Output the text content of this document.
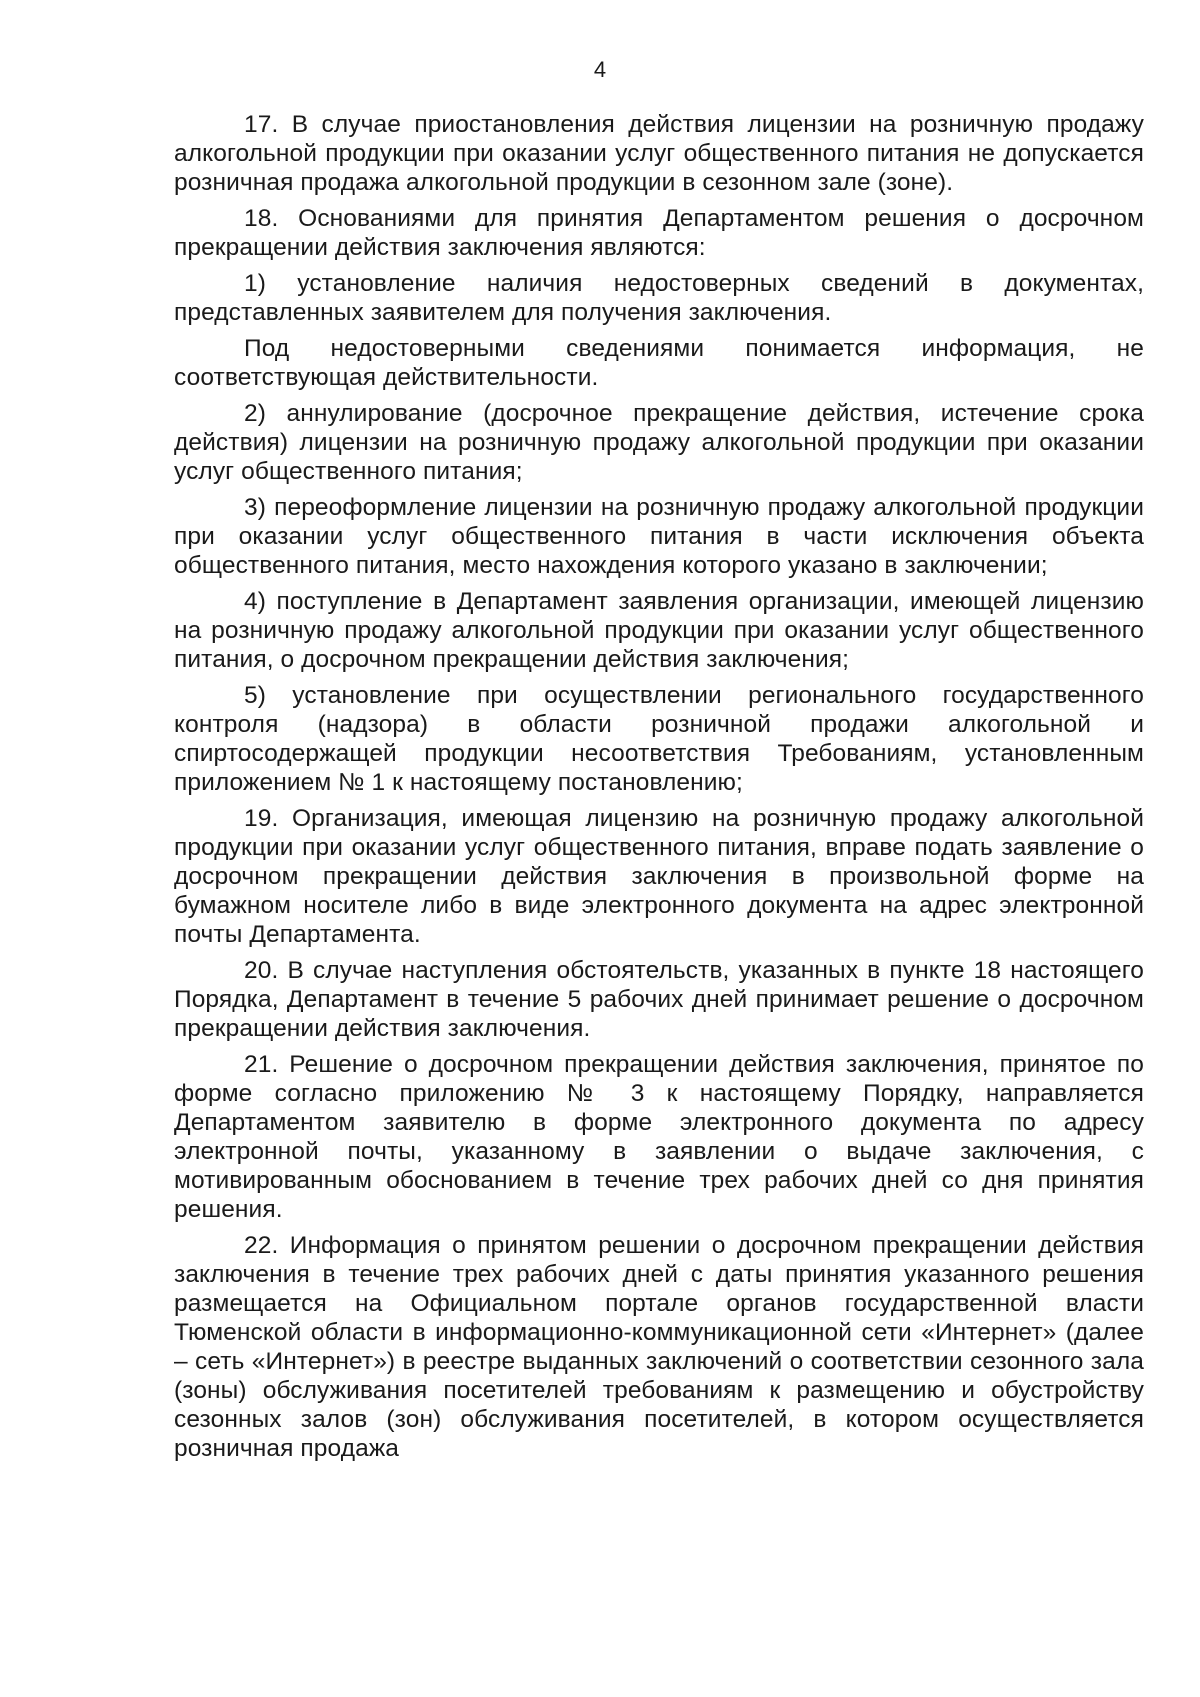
4

17. В случае приостановления действия лицензии на розничную продажу алкогольной продукции при оказании услуг общественного питания не допускается розничная продажа алкогольной продукции в сезонном зале (зоне).

18. Основаниями для принятия Департаментом решения о досрочном прекращении действия заключения являются:

1) установление наличия недостоверных сведений в документах, представленных заявителем для получения заключения.

Под недостоверными сведениями понимается информация, не соответствующая действительности.

2) аннулирование (досрочное прекращение действия, истечение срока действия) лицензии на розничную продажу алкогольной продукции при оказании услуг общественного питания;

3) переоформление лицензии на розничную продажу алкогольной продукции при оказании услуг общественного питания в части исключения объекта общественного питания, место нахождения которого указано в заключении;

4) поступление в Департамент заявления организации, имеющей лицензию на розничную продажу алкогольной продукции при оказании услуг общественного питания, о досрочном прекращении действия заключения;

5) установление при осуществлении регионального государственного контроля (надзора) в области розничной продажи алкогольной и спиртосодержащей продукции несоответствия Требованиям, установленным приложением № 1 к настоящему постановлению;

19. Организация, имеющая лицензию на розничную продажу алкогольной продукции при оказании услуг общественного питания, вправе подать заявление о досрочном прекращении действия заключения в произвольной форме на бумажном носителе либо в виде электронного документа на адрес электронной почты Департамента.

20. В случае наступления обстоятельств, указанных в пункте 18 настоящего Порядка, Департамент в течение 5 рабочих дней принимает решение о досрочном прекращении действия заключения.

21. Решение о досрочном прекращении действия заключения, принятое по форме согласно приложению № 3 к настоящему Порядку, направляется Департаментом заявителю в форме электронного документа по адресу электронной почты, указанному в заявлении о выдаче заключения, с мотивированным обоснованием в течение трех рабочих дней со дня принятия решения.

22. Информация о принятом решении о досрочном прекращении действия заключения в течение трех рабочих дней с даты принятия указанного решения размещается на Официальном портале органов государственной власти Тюменской области в информационно-коммуникационной сети «Интернет» (далее – сеть «Интернет») в реестре выданных заключений о соответствии сезонного зала (зоны) обслуживания посетителей требованиям к размещению и обустройству сезонных залов (зон) обслуживания посетителей, в котором осуществляется розничная продажа
